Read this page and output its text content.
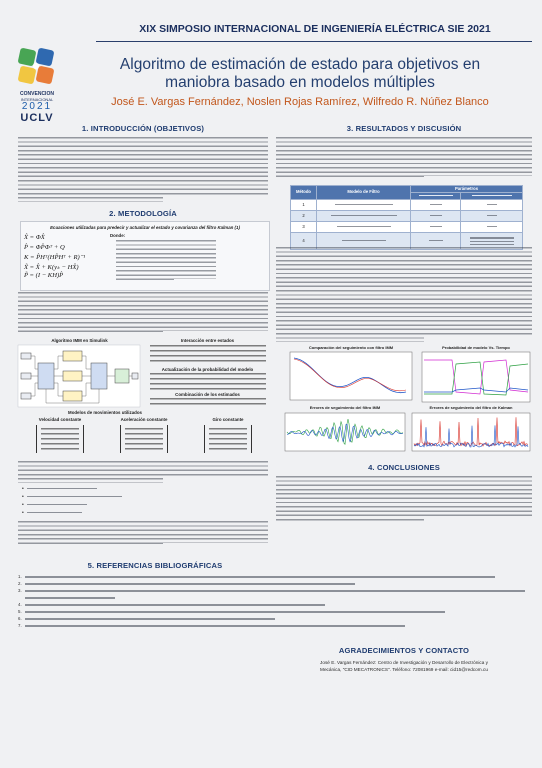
XIX SIMPOSIO INTERNACIONAL DE INGENIERÍA ELÉCTRICA SIE 2021
CONVENCION
INTERNACIONAL
2021
UCLV
Algoritmo de estimación de estado para objetivos en
maniobra basado en modelos múltiples
José E. Vargas Fernández, Noslen Rojas Ramírez, Wilfredo R. Núñez Blanco
1. INTRODUCCIÓN (OBJETIVOS)
2. METODOLOGÍA
Ecuaciones utilizadas para predecir y actualizar el estado y covarianza del filtro Kalman (1)
X̂ = ΦX̂
P̂ = ΦP̂Φᵀ + Q
K = P̂Hᵀ(HP̂Hᵀ + R)⁻¹
X̃ = X̂ + K(yₖ − HX̂)
P̃ = (I − KH)P̂
Donde:
Algoritmo IMM en Simulink	Interacción entre estados
Actualización de la probabilidad del modelo
Combinación de los estimados
Modelos de movimientos utilizados
Velocidad constante	Aceleración constante	Giro constante
•
•
•
•
5. REFERENCIAS BIBLIOGRÁFICAS
1.
2.
3.
4.
5.
6.
7.
3. RESULTADOS Y DISCUSIÓN
Método	Modelo de Filtro	Parámetros	

1			
2			
3			
4			

Comparación del seguimiento con filtro IMM	Probabilidad de modelo Vs. Tiempo
Errores de seguimiento del filtro IMM	Errores de seguimiento del filtro de Kalman
4. CONCLUSIONES
AGRADECIMIENTOS Y CONTACTO
José E. Vargas Fernández: Centro de Investigación y Desarrollo de Electrónica y
Mecánica, "CID MECATRONICS". Teléfono: 72081969 e-mail: cid15@redcom.cu
